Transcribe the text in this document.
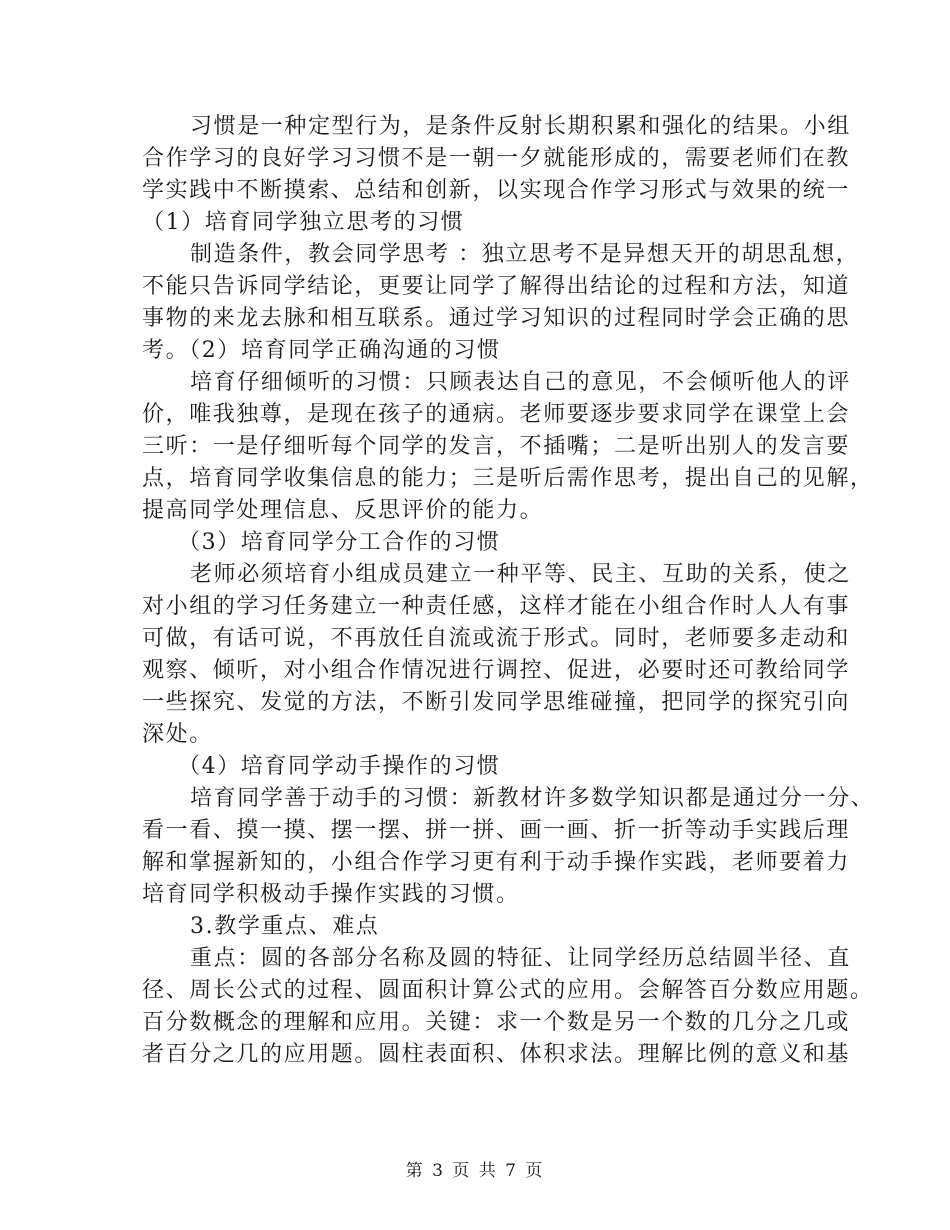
习惯是一种定型行为，是条件反射长期积累和强化的结果。小组
合作学习的良好学习习惯不是一朝一夕就能形成的，需要老师们在教
学实践中不断摸索、总结和创新，以实现合作学习形式与效果的统一
（1）培育同学独立思考的习惯
制造条件，教会同学思考 ：独立思考不是异想天开的胡思乱想，
不能只告诉同学结论，更要让同学了解得出结论的过程和方法，知道
事物的来龙去脉和相互联系。通过学习知识的过程同时学会正确的思
考。（2）培育同学正确沟通的习惯
培育仔细倾听的习惯：只顾表达自己的意见，不会倾听他人的评
价，唯我独尊，是现在孩子的通病。老师要逐步要求同学在课堂上会
三听：一是仔细听每个同学的发言，不插嘴；二是听出别人的发言要
点，培育同学收集信息的能力；三是听后需作思考，提出自己的见解，
提高同学处理信息、反思评价的能力。
（3）培育同学分工合作的习惯
老师必须培育小组成员建立一种平等、民主、互助的关系，使之
对小组的学习任务建立一种责任感，这样才能在小组合作时人人有事
可做，有话可说，不再放任自流或流于形式。同时，老师要多走动和
观察、倾听，对小组合作情况进行调控、促进，必要时还可教给同学
一些探究、发觉的方法，不断引发同学思维碰撞，把同学的探究引向
深处。
（4）培育同学动手操作的习惯
培育同学善于动手的习惯：新教材许多数学知识都是通过分一分、
看一看、摸一摸、摆一摆、拼一拼、画一画、折一折等动手实践后理
解和掌握新知的，小组合作学习更有利于动手操作实践，老师要着力
培育同学积极动手操作实践的习惯。
3.教学重点、难点
重点：圆的各部分名称及圆的特征、让同学经历总结圆半径、直
径、周长公式的过程、圆面积计算公式的应用。会解答百分数应用题。
百分数概念的理解和应用。关键：求一个数是另一个数的几分之几或
者百分之几的应用题。圆柱表面积、体积求法。理解比例的意义和基
第 3 页 共 7 页
